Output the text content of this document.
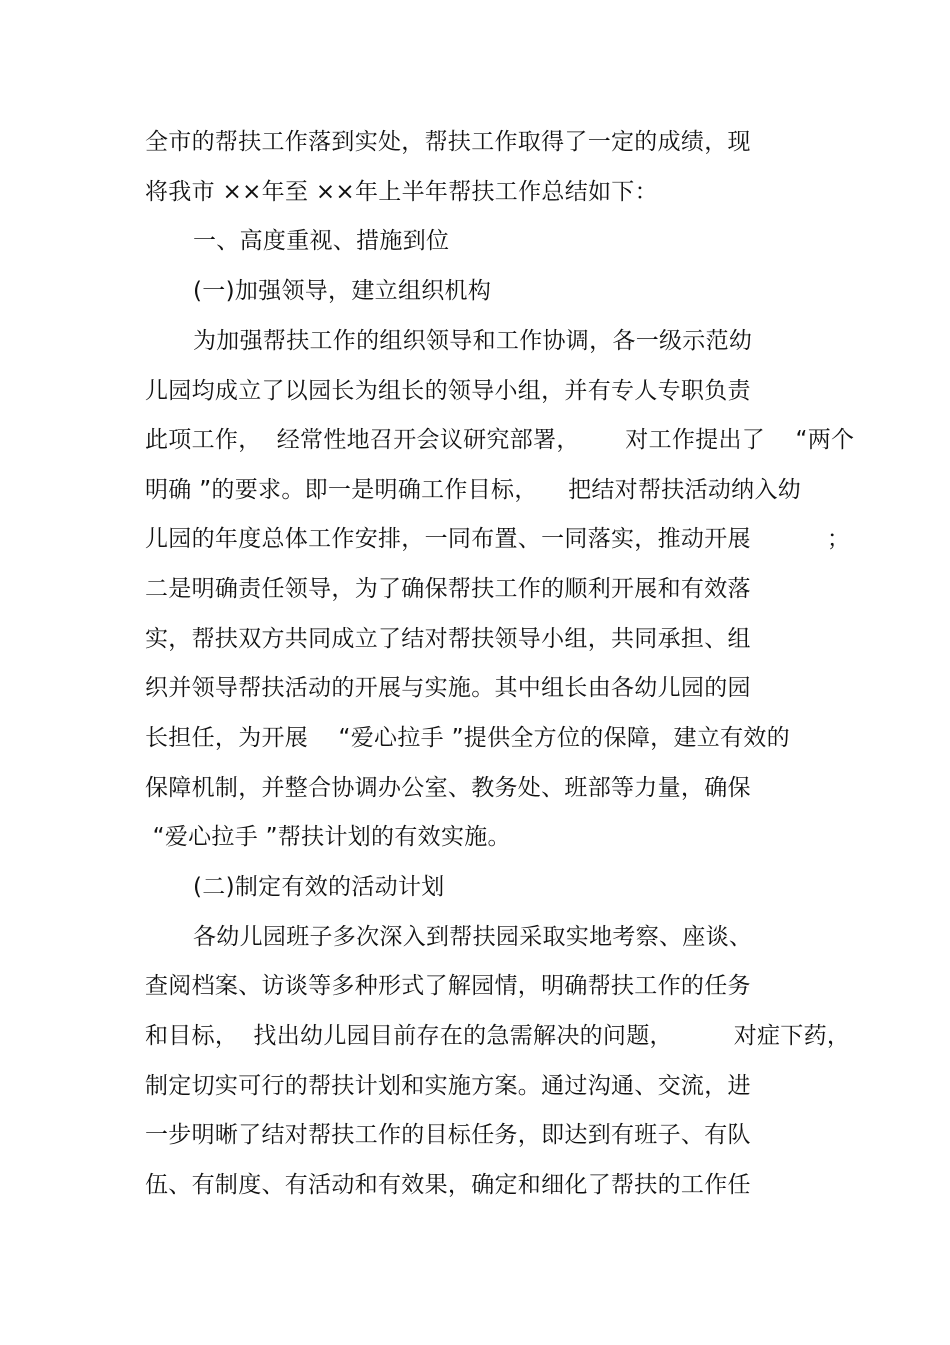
全市的帮扶工作落到实处，帮扶工作取得了一定的成绩，现
将我市 ××年至 ××年上半年帮扶工作总结如下：
一、高度重视、措施到位
(一)加强领导，建立组织机构
为加强帮扶工作的组织领导和工作协调，各一级示范幼
儿园均成立了以园长为组长的领导小组，并有专人专职负责
此项工作，  经常性地召开会议研究部署，      对工作提出了    “两个
明确 ”的要求。即一是明确工作目标，    把结对帮扶活动纳入幼
儿园的年度总体工作安排，一同布置、一同落实，推动开展          ；
二是明确责任领导，为了确保帮扶工作的顺利开展和有效落
实，帮扶双方共同成立了结对帮扶领导小组，共同承担、组
织并领导帮扶活动的开展与实施。其中组长由各幼儿园的园
长担任，为开展    “爱心拉手 ”提供全方位的保障，建立有效的
保障机制，并整合协调办公室、教务处、班部等力量，确保
“爱心拉手 ”帮扶计划的有效实施。
(二)制定有效的活动计划
各幼儿园班子多次深入到帮扶园采取实地考察、座谈、
查阅档案、访谈等多种形式了解园情，明确帮扶工作的任务
和目标，  找出幼儿园目前存在的急需解决的问题，        对症下药，
制定切实可行的帮扶计划和实施方案。通过沟通、交流，进
一步明晰了结对帮扶工作的目标任务，即达到有班子、有队
伍、有制度、有活动和有效果，确定和细化了帮扶的工作任
